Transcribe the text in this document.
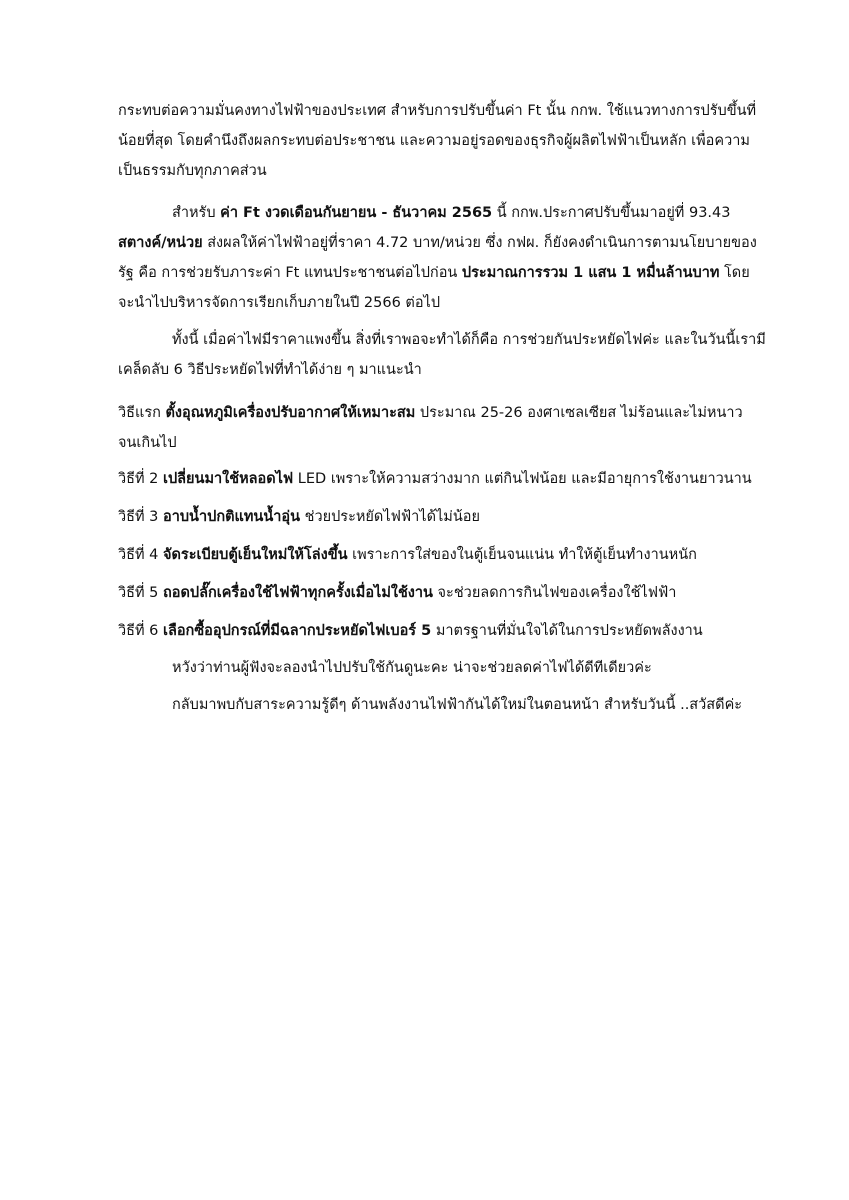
กระทบต่อความมั่นคงทางไฟฟ้าของประเทศ สำหรับการปรับขึ้นค่า Ft นั้น กกพ. ใช้แนวทางการปรับขึ้นที่
น้อยที่สุด โดยคำนึงถึงผลกระทบต่อประชาชน และความอยู่รอดของธุรกิจผู้ผลิตไฟฟ้าเป็นหลัก เพื่อความ
เป็นธรรมกับทุกภาคส่วน
สำหรับ ค่า Ft งวดเดือนกันยายน - ธันวาคม 2565 นี้ กกพ.ประกาศปรับขึ้นมาอยู่ที่ 93.43
สตางค์/หน่วย ส่งผลให้ค่าไฟฟ้าอยู่ที่ราคา 4.72 บาท/หน่วย ซึ่ง กฟผ. ก็ยังคงดำเนินการตามนโยบายของ
รัฐ คือ การช่วยรับภาระค่า Ft แทนประชาชนต่อไปก่อน ประมาณการรวม 1 แสน 1 หมื่นล้านบาท โดย
จะนำไปบริหารจัดการเรียกเก็บภายในปี 2566 ต่อไป
ทั้งนี้ เมื่อค่าไฟมีราคาแพงขึ้น สิ่งที่เราพอจะทำได้ก็คือ การช่วยกันประหยัดไฟค่ะ และในวันนี้เรามี
เคล็ดลับ 6 วิธีประหยัดไฟที่ทำได้ง่าย ๆ มาแนะนำ
วิธีแรก ตั้งอุณหภูมิเครื่องปรับอากาศให้เหมาะสม ประมาณ 25-26 องศาเซลเซียส ไม่ร้อนและไม่หนาว
จนเกินไป
วิธีที่ 2 เปลี่ยนมาใช้หลอดไฟ LED เพราะให้ความสว่างมาก แต่กินไฟน้อย และมีอายุการใช้งานยาวนาน
วิธีที่ 3 อาบน้ำปกติแทนน้ำอุ่น ช่วยประหยัดไฟฟ้าได้ไม่น้อย
วิธีที่ 4 จัดระเบียบตู้เย็นใหม่ให้โล่งขึ้น เพราะการใส่ของในตู้เย็นจนแน่น ทำให้ตู้เย็นทำงานหนัก
วิธีที่ 5 ถอดปลั๊กเครื่องใช้ไฟฟ้าทุกครั้งเมื่อไม่ใช้งาน จะช่วยลดการกินไฟของเครื่องใช้ไฟฟ้า
วิธีที่ 6 เลือกซื้ออุปกรณ์ที่มีฉลากประหยัดไฟเบอร์ 5 มาตรฐานที่มั่นใจได้ในการประหยัดพลังงาน
หวังว่าท่านผู้ฟังจะลองนำไปปรับใช้กันดูนะคะ น่าจะช่วยลดค่าไฟได้ดีทีเดียวค่ะ
กลับมาพบกับสาระความรู้ดีๆ ด้านพลังงานไฟฟ้ากันได้ใหม่ในตอนหน้า สำหรับวันนี้ ..สวัสดีค่ะ
